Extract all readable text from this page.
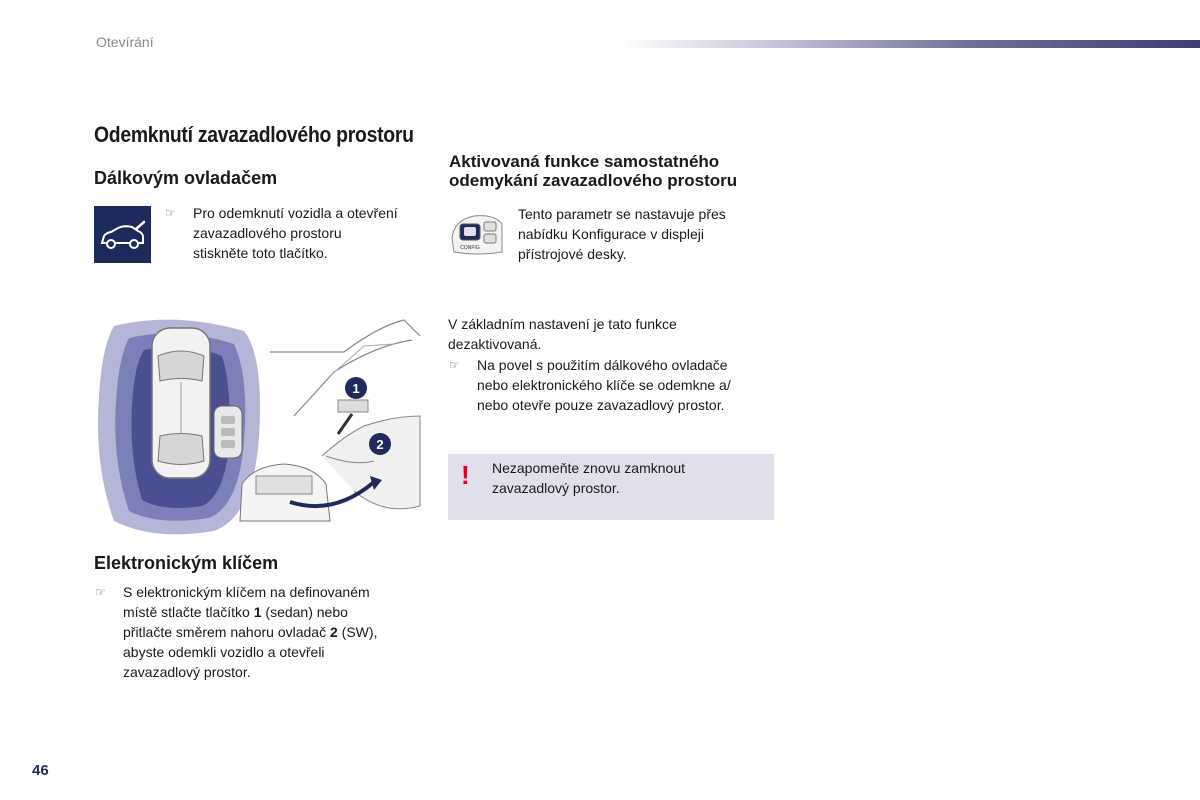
Otevírání
Odemknutí zavazadlového prostoru
Dálkovým ovladačem
☞ Pro odemknutí vozidla a otevření
zavazadlového prostoru
stiskněte toto tlačítko.
1
2
Elektronickým klíčem
☞ S elektronickým klíčem na definovaném
místě stlačte tlačítko 1 (sedan) nebo
přitlačte směrem nahoru ovladač 2 (SW),
abyste odemkli vozidlo a otevřeli
zavazadlový prostor.
Aktivovaná funkce samostatného
odemykání zavazadlového prostoru
CONFIG
Tento parametr se nastavuje přes
nabídku Konfigurace v displeji
přístrojové desky.
V základním nastavení je tato funkce
dezaktivovaná.
☞ Na povel s použitím dálkového ovladače
nebo elektronického klíče se odemkne a/
nebo otevře pouze zavazadlový prostor.
! Nezapomeňte znovu zamknout
zavazadlový prostor.
46
